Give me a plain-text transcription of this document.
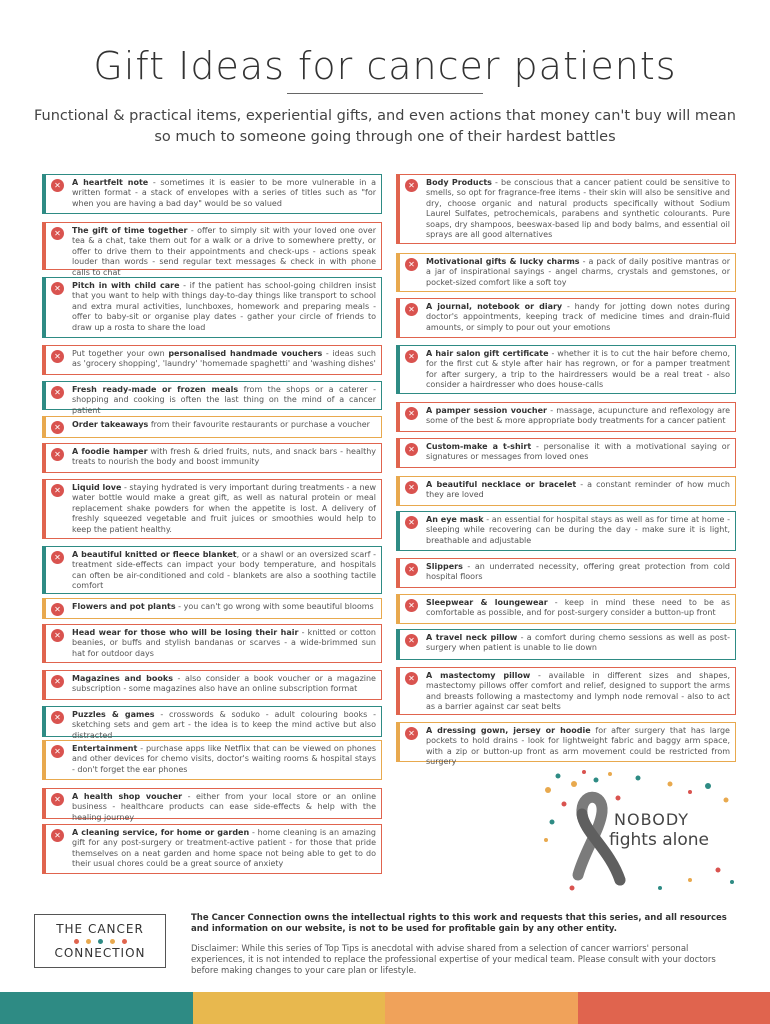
Gift Ideas for cancer patients
Functional & practical items, experiential gifts, and even actions that money can't buy will mean so much to someone going through one of their hardest battles
✕	A heartfelt note - sometimes it is easier to be more vulnerable in a written format - a stack of envelopes with a series of titles such as "for when you are having a bad day" would be so valued
✕	The gift of time together - offer to simply sit with your loved one over tea & a chat, take them out for a walk or a drive to somewhere pretty, or offer to drive them to their appointments and check-ups - actions speak louder than words - send regular text messages & check in with phone calls to chat
✕	Pitch in with child care - if the patient has school-going children insist that you want to help with things day-to-day things like transport to school and extra mural activities, lunchboxes, homework and preparing meals - offer to baby-sit or organise play dates - gather your circle of friends to draw up a rosta to share the load
✕	Put together your own personalised handmade vouchers - ideas such as 'grocery shopping', 'laundry' 'homemade spaghetti' and 'washing dishes'
✕	Fresh ready-made or frozen meals from the shops or a caterer - shopping and cooking is often the last thing on the mind of a cancer patient
✕	Order takeaways from their favourite restaurants or purchase a voucher
✕	A foodie hamper with fresh & dried fruits, nuts, and snack bars - healthy treats to nourish the body and boost immunity
✕	Liquid love - staying hydrated is very important during treatments - a new water bottle would make a great gift, as well as natural protein or meal replacement shake powders for when the appetite is lost. A delivery of freshly squeezed vegetable and fruit juices or smoothies would help to keep the patient healthy.
✕	A beautiful knitted or fleece blanket, or a shawl or an oversized scarf - treatment side-effects can impact your body temperature, and hospitals can often be air-conditioned and cold - blankets are also a soothing tactile comfort
✕	Flowers and pot plants - you can't go wrong with some beautiful blooms
✕	Head wear for those who will be losing their hair - knitted or cotton beanies, or buffs and stylish bandanas or scarves - a wide-brimmed sun hat for outdoor days
✕	Magazines and books - also consider a book voucher or a magazine subscription - some magazines also have an online subscription format
✕	Puzzles & games - crosswords & soduko - adult colouring books - sketching sets and gem art - the idea is to keep the mind active but also distracted
✕	Entertainment - purchase apps like Netflix that can be viewed on phones and other devices for chemo visits, doctor's waiting rooms & hospital stays - don't forget the ear phones
✕	A health shop voucher - either from your local store or an online business - healthcare products can ease side-effects & help with the healing journey
✕	A cleaning service, for home or garden - home cleaning is an amazing gift for any post-surgery or treatment-active patient - for those that pride themselves on a neat garden and home space not being able to get to do their usual chores could be a great source of anxiety
✕	Body Products - be conscious that a cancer patient could be sensitive to smells, so opt for fragrance-free items - their skin will also be sensitive and dry, choose organic and natural products specifically without Sodium Laurel Sulfates, petrochemicals, parabens and synthetic colourants. Pure soaps, dry shampoos, beeswax-based lip and body balms, and essential oil sprays are all good alternatives
✕	Motivational gifts & lucky charms - a pack of daily positive mantras or a jar of inspirational sayings - angel charms, crystals and gemstones, or pocket-sized comfort like a soft toy
✕	A journal, notebook or diary - handy for jotting down notes during doctor's appointments, keeping track of medicine times and drain-fluid amounts, or simply to pour out your emotions
✕	A hair salon gift certificate - whether it is to cut the hair before chemo, for the first cut & style after hair has regrown, or for a pamper treatment for after surgery, a trip to the hairdressers would be a real treat - also consider a hairdresser who does house-calls
✕	A pamper session voucher - massage, acupuncture and reflexology are some of the best & more appropriate body treatments for a cancer patient
✕	Custom-make a t-shirt - personalise it with a motivational saying or signatures or messages from loved ones
✕	A beautiful necklace or bracelet - a constant reminder of how much they are loved
✕	An eye mask - an essential for hospital stays as well as for time at home - sleeping while recovering can be during the day - make sure it is light, breathable and adjustable
✕	Slippers - an underrated necessity, offering great protection from cold hospital floors
✕	Sleepwear & loungewear - keep in mind these need to be as comfortable as possible, and for post-surgery consider a button-up front
✕	A travel neck pillow - a comfort during chemo sessions as well as post-surgery when patient is unable to lie down
✕	A mastectomy pillow - available in different sizes and shapes, mastectomy pillows offer comfort and relief, designed to support the arms and breasts following a mastectomy and lymph node removal - also to act as a barrier against car seat belts
✕	A dressing gown, jersey or hoodie for after surgery that has large pockets to hold drains - look for lightweight fabric and baggy arm space, with a zip or button-up front as arm movement could be restricted from surgery
NOBODY
fights alone
THE CANCER
CONNECTION
The Cancer Connection owns the intellectual rights to this work and requests that this series, and all resources and information on our website, is not to be used for profitable gain by any other entity.
Disclaimer: While this series of Top Tips is anecdotal with advise shared from a selection of cancer warriors' personal experiences, it is not intended to replace the professional expertise of your medical team. Please consult with your doctors before making changes to your care plan or lifestyle.
